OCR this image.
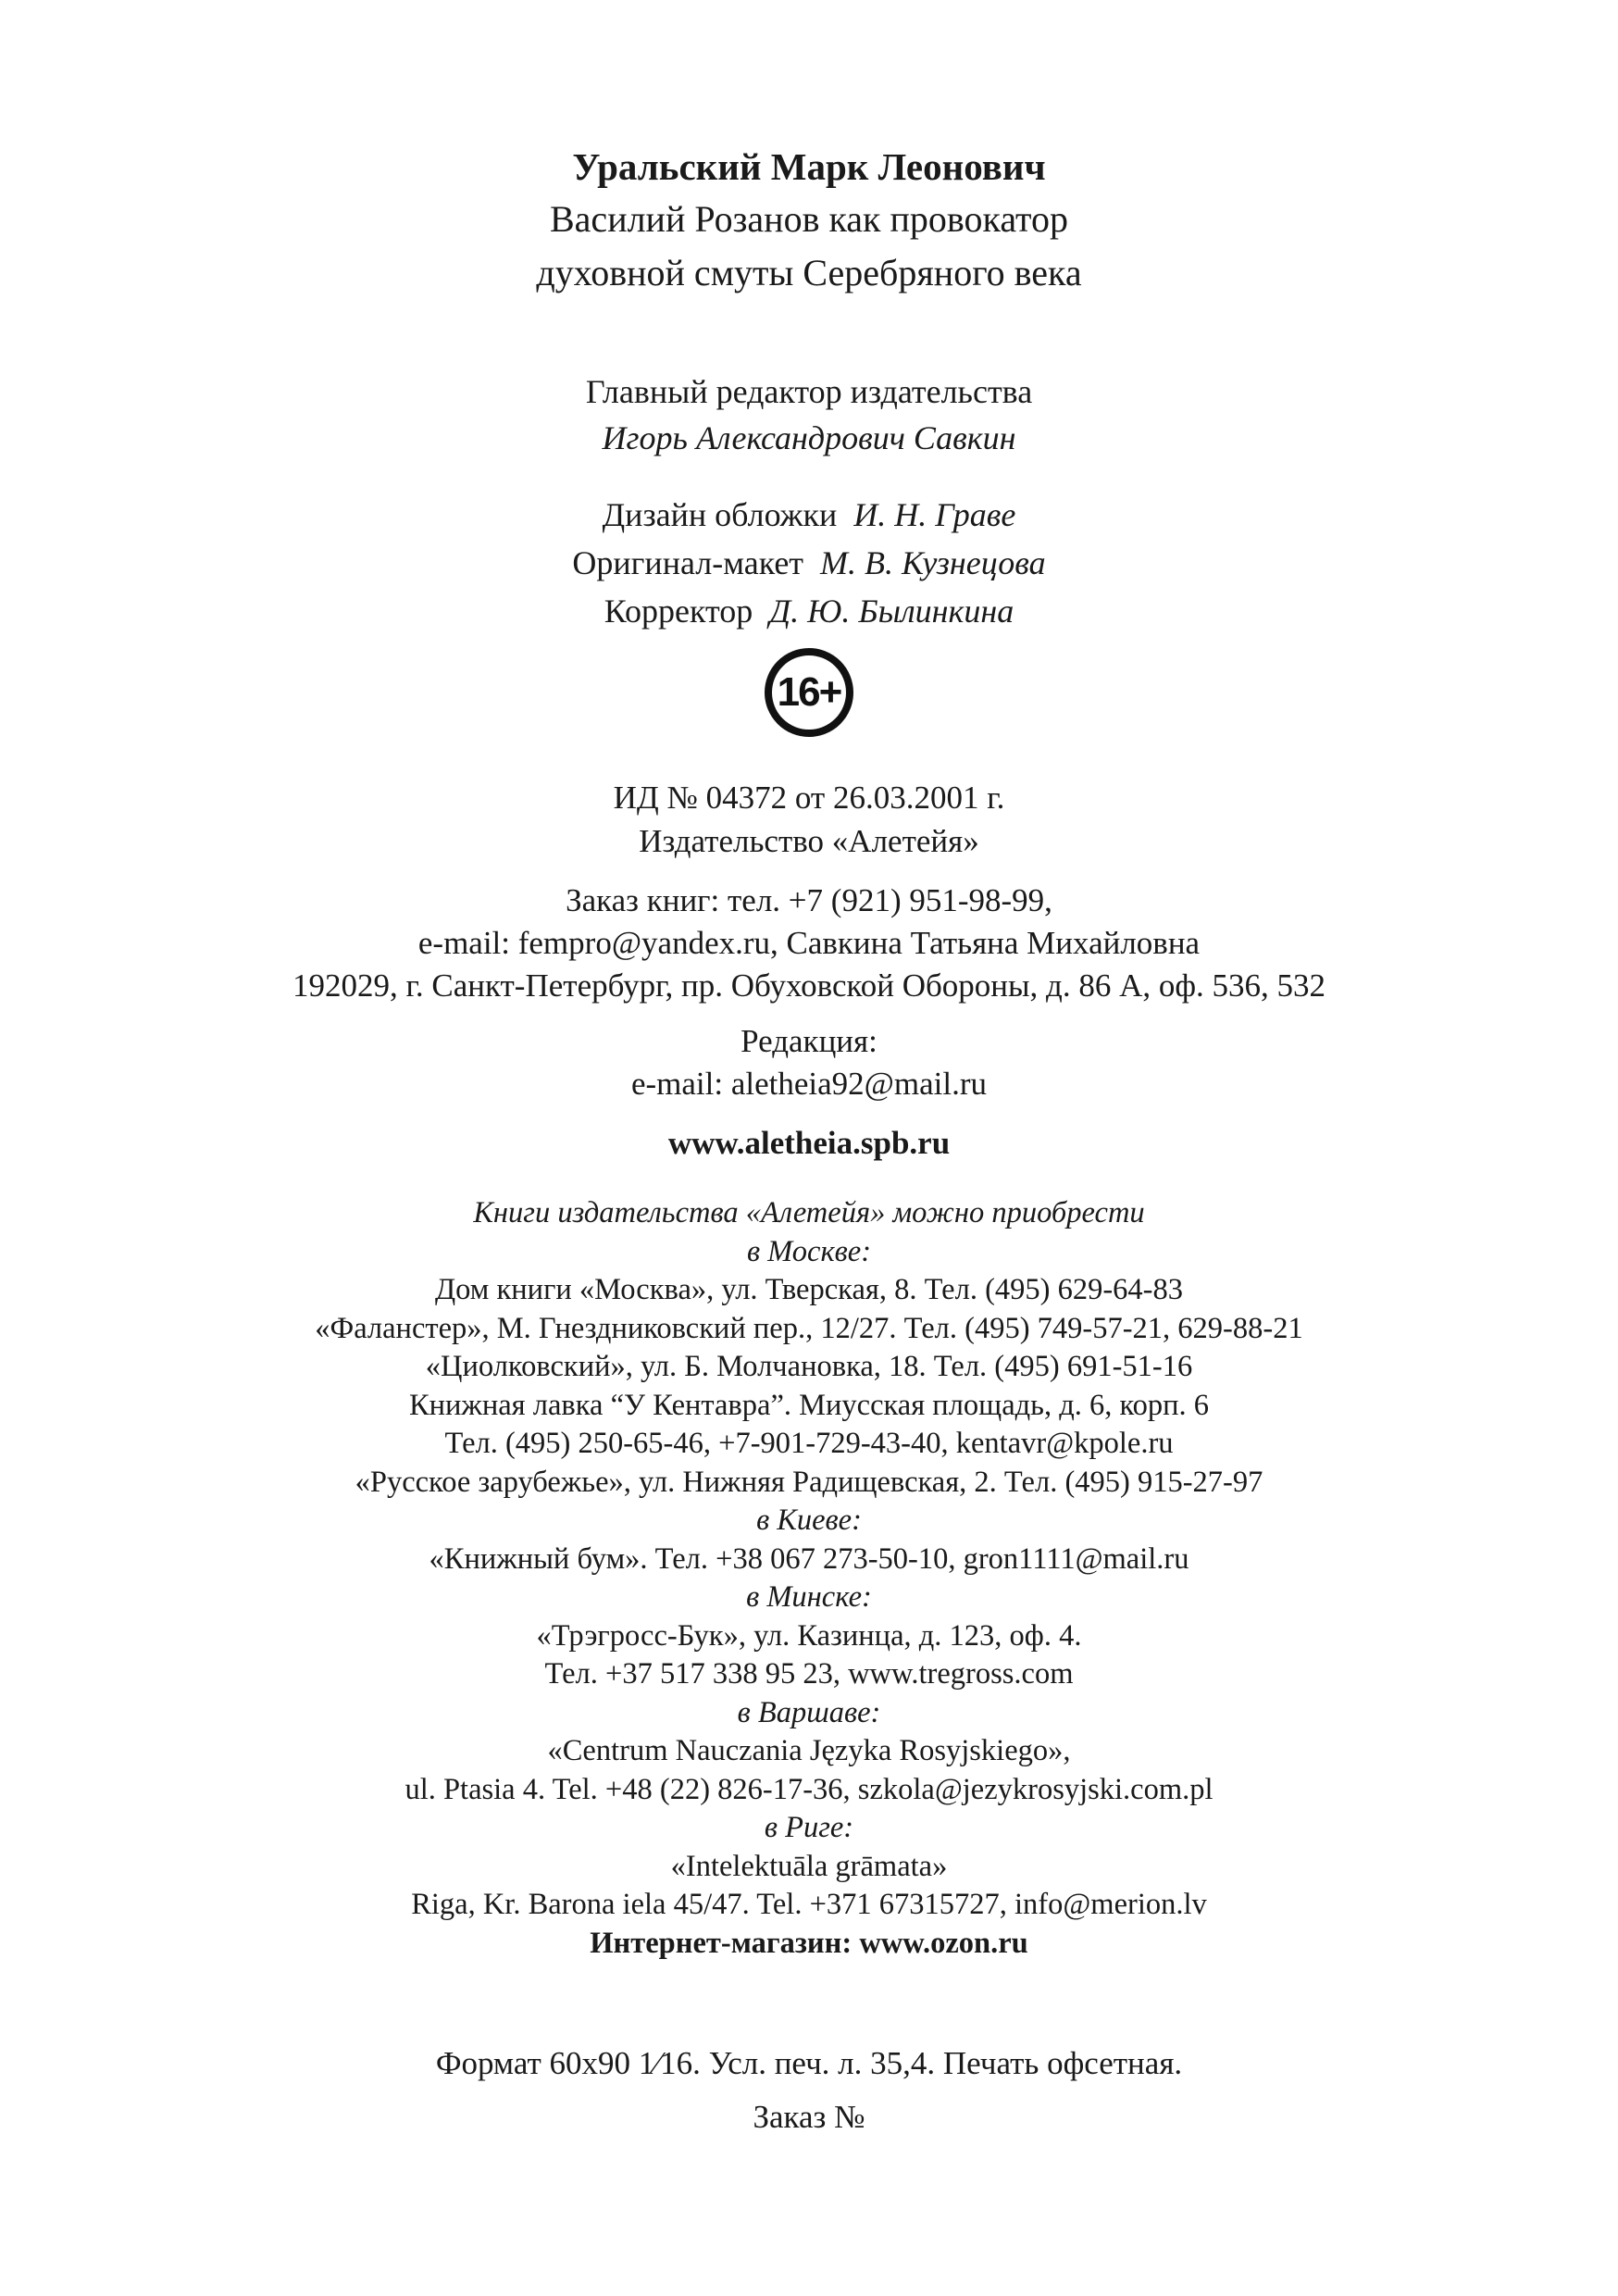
Уральский Марк Леонович
Василий Розанов как провокатор
духовной смуты Серебряного века
Главный редактор издательства
Игорь Александрович Савкин
Дизайн обложки И. Н. Граве
Оригинал-макет М. В. Кузнецова
Корректор Д. Ю. Былинкина
16+
ИД № 04372 от 26.03.2001 г.
Издательство «Алетейя»
Заказ книг: тел. +7 (921) 951-98-99,
e-mail: fempro@yandex.ru, Савкина Татьяна Михайловна
192029, г. Санкт-Петербург, пр. Обуховской Обороны, д. 86 А, оф. 536, 532
Редакция:
e-mail: aletheia92@mail.ru
www.aletheia.spb.ru
Книги издательства «Алетейя» можно приобрести
в Москве:
Дом книги «Москва», ул. Тверская, 8. Тел. (495) 629-64-83
«Фаланстер», М. Гнездниковский пер., 12/27. Тел. (495) 749-57-21, 629-88-21
«Циолковский», ул. Б. Молчановка, 18. Тел. (495) 691-51-16
Книжная лавка “У Кентавра”. Миусская площадь, д. 6, корп. 6
Тел. (495) 250-65-46, +7-901-729-43-40, kentavr@kpole.ru
«Русское зарубежье», ул. Нижняя Радищевская, 2. Тел. (495) 915-27-97
в Киеве:
«Книжный бум». Тел. +38 067 273-50-10, gron1111@mail.ru
в Минске:
«Трэгросс-Бук», ул. Казинца, д. 123, оф. 4.
Тел. +37 517 338 95 23, www.tregross.com
в Варшаве:
«Centrum Nauczania Języka Rosyjskiego»,
ul. Ptasia 4. Tel. +48 (22) 826-17-36, szkola@jezykrosyjski.com.pl
в Риге:
«Intelektuāla grāmata»
Riga, Kr. Barona iela 45/47. Tel. +371 67315727, info@merion.lv
Интернет-магазин: www.ozon.ru
Формат 60х90 1⁄16. Усл. печ. л. 35,4. Печать офсетная.
Заказ №
